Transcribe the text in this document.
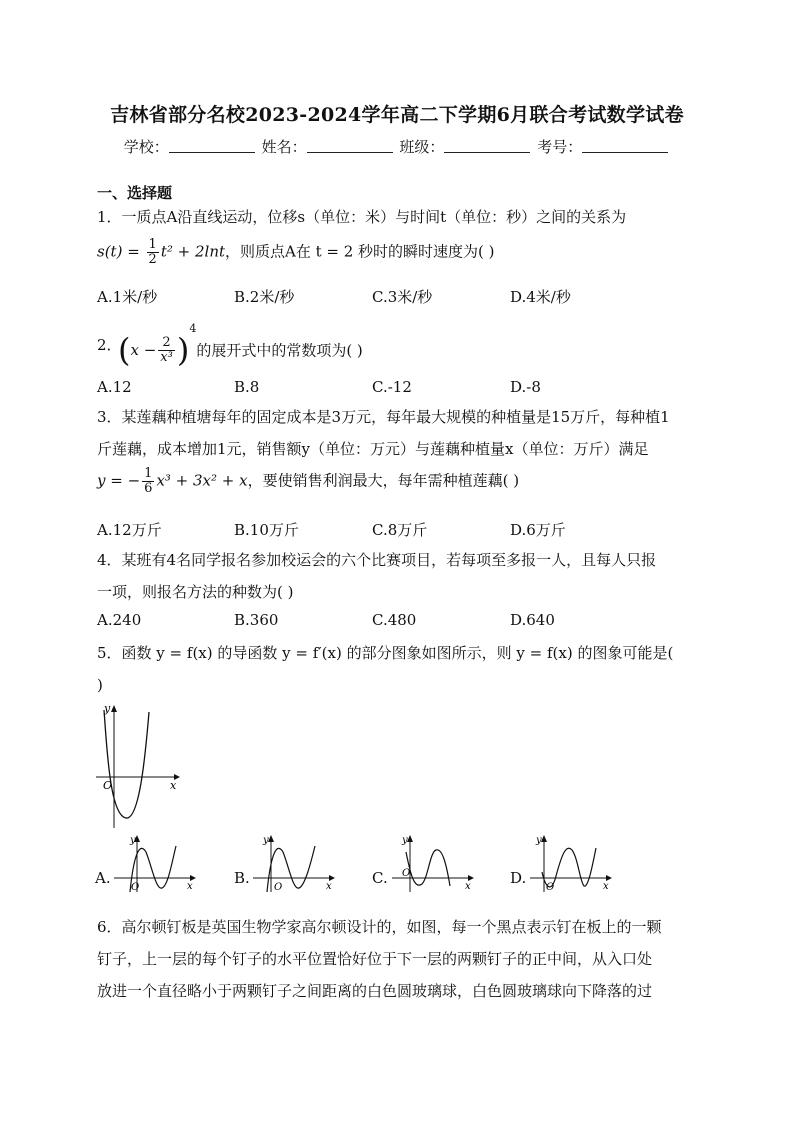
吉林省部分名校2023-2024学年高二下学期6月联合考试数学试卷
学校：	姓名：	班级：	考号：
一、选择题
1．一质点A沿直线运动，位移s（单位：米）与时间t（单位：秒）之间的关系为
$s(t) = \frac{1}{2} t^2 + 2\ln t$，则质点A在 t = 2 秒时的瞬时速度为( )
A.1米/秒	B.2米/秒	C.3米/秒	D.4米/秒
2．
$(x - \frac{2}{\text{x³}} )^4$的展开式中的常数项为( )
A.12	B.8	C.-12	D.-8
3．某莲藕种植塘每年的固定成本是3万元，每年最大规模的种植量是15万斤，每种植1
斤莲藕，成本增加1元，销售额y（单位：万元）与莲藕种植量x（单位：万斤）满足
y = − $\frac{1}{6} x^3 + 3x^2 + x$，要使销售利润最大，每年需种植莲藕( )
A.12万斤	B.10万斤	C.8万斤	D.6万斤
4．某班有4名同学报名参加校运会的六个比赛项目，若每项至多报一人，且每人只报
一项，则报名方法的种数为( )
A.240	B.360	C.480	D.640
5．函数 y = f(x) 的导函数 y = f′(x) 的部分图象如图所示，则 y = f(x) 的图象可能是(
)
y
x
O
A.
y
x
O
B.
y
x
O
C.
y
x
O	D.
y
x
O
6．高尔顿钉板是英国生物学家高尔顿设计的，如图，每一个黑点表示钉在板上的一颗
钉子，上一层的每个钉子的水平位置恰好位于下一层的两颗钉子的正中间，从入口处
放进一个直径略小于两颗钉子之间距离的白色圆玻璃球，白色圆玻璃球向下降落的过
